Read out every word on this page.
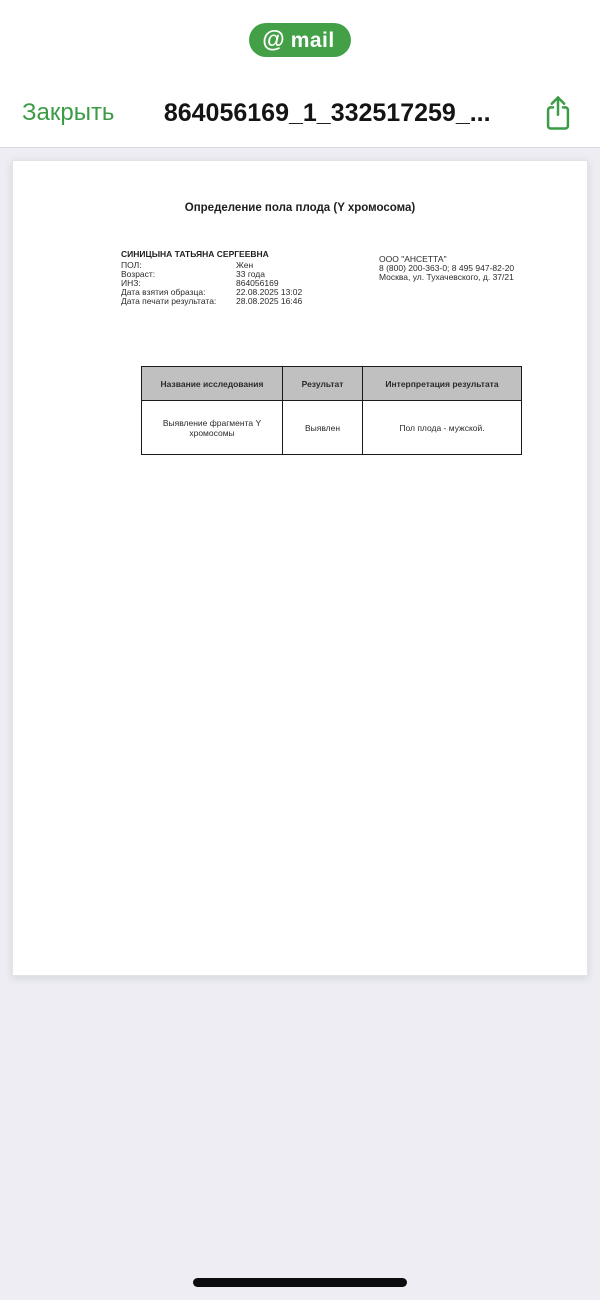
@ mail
Закрыть	864056169_1_332517259_...
Определение пола плода (Y хромосома)
СИНИЦЫНА ТАТЬЯНА СЕРГЕЕВНА
ПОЛ:	Жен
Возраст:	33 года
ИНЗ:	864056169
Дата взятия образца:	22.08.2025 13:02
Дата печати результата:	28.08.2025 16:46
ООО "АНСЕТТА"
8 (800) 200-363-0; 8 495 947-82-20
Москва, ул. Тухачевского, д. 37/21
Название исследования	Результат	Интерпретация результата
Выявление фрагмента Y хромосомы	Выявлен	Пол плода - мужской.
